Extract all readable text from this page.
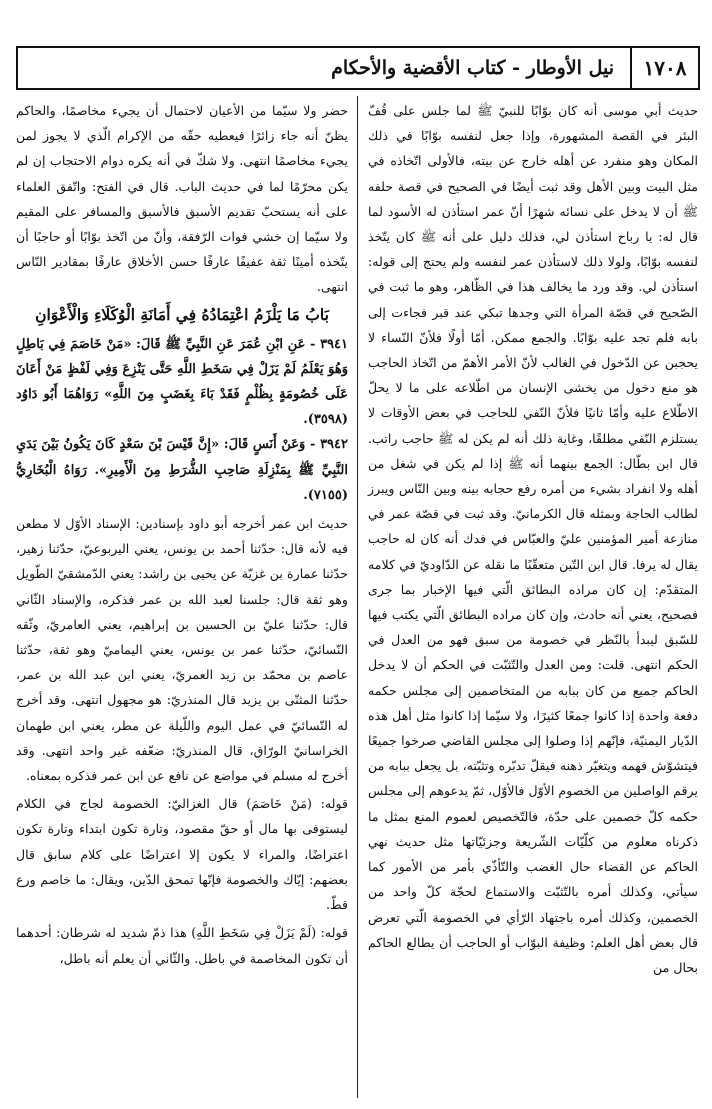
١٧٠٨
نيل الأوطار - كتاب الأقضية والأحكام

حديث أبي موسى أنه كان بوّابًا للنبيّ ﷺ لما جلس على قُفّ البئر في القصة المشهورة، وإذا جعل لنفسه بوّابًا في ذلك المكان وهو منفرد عن أهله خارج عن بيته، فالأولى اتّخاذه في مثل البيت وبين الأهل وقد ثبت أيضًا في الصحيح في قصة حلفه ﷺ أن لا يدخل على نسائه شهرًا أنّ عمر استأذن له الأسود لما قال له: يا رباح استأذن لي، فذلك دليل على أنه ﷺ كان يتّخذ لنفسه بوّابًا، ولولا ذلك لاستأذن عمر لنفسه ولم يحتج إلى قوله: استأذن لي. وقد ورد ما يخالف هذا في الظّاهر، وهو ما ثبت في الصّحيح في قصّة المرأة التي وجدها تبكي عند قبر فجاءت إلى بابه فلم تجد عليه بوّابًا. والجمع ممكن. أمّا أولًا فلأنّ النّساء لا يحجبن عن الدّخول في الغالب لأنّ الأمر الأهمّ من اتّخاذ الحاجب هو منع دخول من يخشى الإنسان من اطّلاعه على ما لا يحلّ الاطّلاع عليه وأمّا ثانيًا فلأنّ النّفي للحاجب في بعض الأوقات لا يستلزم النّفي مطلقًا، وغاية ذلك أنه لم يكن له ﷺ حاجب راتب. قال ابن بطّال: الجمع بينهما أنه ﷺ إذا لم يكن في شغل من أهله ولا انفراد بشيء من أمره رفع حجابه بينه وبين النّاس ويبرز لطالب الحاجة وبمثله قال الكرمانيّ. وقد ثبت في قصّة عمر في منازعة أمير المؤمنين عليّ والعبّاس في فدك أنه كان له حاجب يقال له يرفا. قال ابن التّين متعقّبًا ما نقله عن الدّاوديّ في كلامه المتقدّم: إن كان مراده البطائق الّتي فيها الإخبار بما جرى فصحيح، يعني أنه حادث، وإن كان مراده البطائق الّتي يكتب فيها للسّبق ليبدأ بالنّظر في خصومة من سبق فهو من العدل في الحكم انتهى. قلت: ومن العدل والتّثبّت في الحكم أن لا يدخل الحاكم جميع من كان ببابه من المتخاصمين إلى مجلس حكمه دفعة واحدة إذا كانوا جمعًا كثيرًا، ولا سيّما إذا كانوا مثل أهل هذه الدّيار اليمنيّة، فإنّهم إذا وصلوا إلى مجلس القاضي صرخوا جميعًا فيتشوّش فهمه ويتغيّر ذهنه فيقلّ تدبّره وتثبّته، بل يجعل ببابه من يرقم الواصلين من الخصوم الأوّل فالأوّل، ثمّ يدعوهم إلى مجلس حكمه كلّ خصمين على حدّة، فالتّخصيص لعموم المنع بمثل ما ذكرناه معلوم من كلّيّات الشّريعة وجزئيّاتها مثل حديث نهي الحاكم عن القضاء حال الغضب والتّأذّي بأمر من الأمور كما سيأتي، وكذلك أمره بالتّثبّت والاستماع لحجّة كلّ واحد من الخصمين، وكذلك أمره باجتهاد الرّأي في الخصومة الّتي تعرض قال بعض أهل العلم: وظيفة البوّاب أو الحاجب أن يطالع الحاكم بحال من

حضر ولا سيّما من الأعيان لاحتمال أن يجيء مخاصمًا، والحاكم يظنّ أنه جاء زائرًا فيعطيه حقّه من الإكرام الّذي لا يجوز لمن يجيء مخاصمًا انتهى. ولا شكّ في أنه يكره دوام الاحتجاب إن لم يكن محرّمًا لما في حديث الباب. قال في الفتح: واتّفق العلماء على أنه يستحبّ تقديم الأسبق فالأسبق والمسافر على المقيم ولا سيّما إن خشي فوات الرّفقة، وأنّ من اتّخذ بوّابًا أو حاجبًا أن يتّخذه أمينًا ثقة عفيفًا عارفًا حسن الأخلاق عارفًا بمقادير النّاس انتهى.

بَابُ مَا يَلْزَمُ اعْتِمَادُهُ فِي أَمَانَةِ الْوُكَلَاءِ وَالْأَعْوَانِ

٣٩٤١ - عَنِ ابْنِ عُمَرَ عَنِ النَّبِيِّ ﷺ قَالَ: «مَنْ خَاصَمَ فِي بَاطِلٍ وَهُوَ يَعْلَمُ لَمْ يَزَلْ فِي سَخَطِ اللَّهِ حَتَّى يَنْزِعَ وَفِي لَفْظٍ مَنْ أَعَانَ عَلَى خُصُومَةٍ بِظُلْمٍ فَقَدْ بَاءَ بِغَضَبٍ مِنَ اللَّهِ» رَوَاهُمَا أَبُو دَاوُد (٣٥٩٨).

٣٩٤٢ - وَعَنْ أَنَسٍ قَالَ: «إِنَّ قَيْسَ بْنَ سَعْدٍ كَانَ يَكُونُ بَيْنَ يَدَيِ النَّبِيِّ ﷺ بِمَنْزِلَةِ صَاحِبِ الشُّرَطِ مِنَ الْأَمِيرِ». رَوَاهُ الْبُخَارِيُّ (٧١٥٥).

حديث ابن عمر أخرجه أبو داود بإسنادين: الإسناد الأوّل لا مطعن فيه لأنه قال: حدّثنا أحمد بن يونس، يعني اليربوعيّ، حدّثنا زهير، حدّثنا عمارة بن غزيّة عن يحيى بن راشد: يعني الدّمشقيّ الطّويل وهو ثقة قال: جلسنا لعبد الله بن عمر فذكره، والإسناد الثّاني قال: حدّثنا عليّ بن الحسين بن إبراهيم، يعني العامريّ، وثّقه النّسائيّ، حدّثنا عمر بن يونس، يعني اليماميّ وهو ثقة، حدّثنا عاصم بن محمّد بن زيد العمريّ، يعني ابن عبد الله بن عمر، حدّثنا المثنّى بن يزيد قال المنذريّ: هو مجهول انتهى. وقد أخرج له النّسائيّ في عمل اليوم واللّيلة عن مطر، يعني ابن طهمان الخراسانيّ الورّاق، قال المنذريّ: ضعّفه غير واحد انتهى. وقد أخرج له مسلم في مواضع عن نافع عن ابن عمر فذكره بمعناه.

قوله: (مَنْ خَاصَمَ) قال الغزاليّ: الخصومة لجاج في الكلام ليستوفى بها مال أو حقّ مقصود، وتارة تكون ابتداء وتارة تكون اعتراضًا، والمراء لا يكون إلا اعتراضًا على كلام سابق قال بعضهم: إيّاك والخصومة فإنّها تمحق الدّين، ويقال: ما خاصم ورع قطّ.

قوله: (لَمْ يَزَلْ فِي سَخَطِ اللَّهِ) هذا ذمّ شديد له شرطان: أحدهما أن تكون المخاصمة في باطل. والثّاني أن يعلم أنه باطل،
